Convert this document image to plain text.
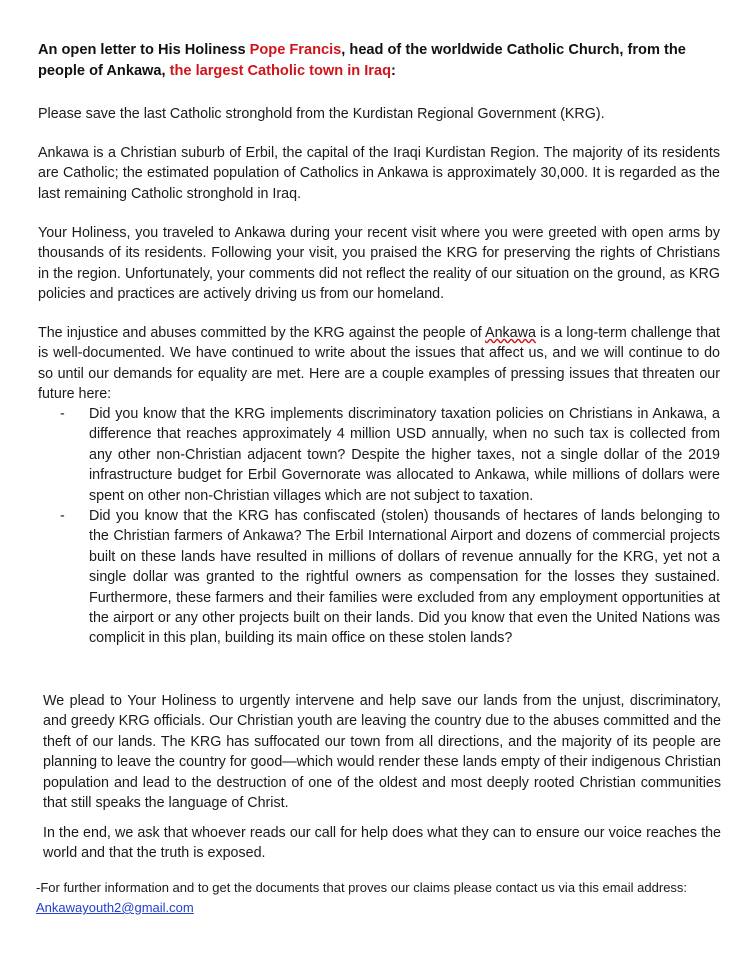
An open letter to His Holiness Pope Francis, head of the worldwide Catholic Church, from the people of Ankawa, the largest Catholic town in Iraq:

Please save the last Catholic stronghold from the Kurdistan Regional Government (KRG).

Ankawa is a Christian suburb of Erbil, the capital of the Iraqi Kurdistan Region. The majority of its residents are Catholic; the estimated population of Catholics in Ankawa is approximately 30,000. It is regarded as the last remaining Catholic stronghold in Iraq.

Your Holiness, you traveled to Ankawa during your recent visit where you were greeted with open arms by thousands of its residents. Following your visit, you praised the KRG for preserving the rights of Christians in the region. Unfortunately, your comments did not reflect the reality of our situation on the ground, as KRG policies and practices are actively driving us from our homeland.

The injustice and abuses committed by the KRG against the people of Ankawa is a long-term challenge that is well-documented. We have continued to write about the issues that affect us, and we will continue to do so until our demands for equality are met. Here are a couple examples of pressing issues that threaten our future here:

- Did you know that the KRG implements discriminatory taxation policies on Christians in Ankawa, a difference that reaches approximately 4 million USD annually, when no such tax is collected from any other non-Christian adjacent town? Despite the higher taxes, not a single dollar of the 2019 infrastructure budget for Erbil Governorate was allocated to Ankawa, while millions of dollars were spent on other non-Christian villages which are not subject to taxation.
- Did you know that the KRG has confiscated (stolen) thousands of hectares of lands belonging to the Christian farmers of Ankawa? The Erbil International Airport and dozens of commercial projects built on these lands have resulted in millions of dollars of revenue annually for the KRG, yet not a single dollar was granted to the rightful owners as compensation for the losses they sustained. Furthermore, these farmers and their families were excluded from any employment opportunities at the airport or any other projects built on their lands. Did you know that even the United Nations was complicit in this plan, building its main office on these stolen lands?

We plead to Your Holiness to urgently intervene and help save our lands from the unjust, discriminatory, and greedy KRG officials. Our Christian youth are leaving the country due to the abuses committed and the theft of our lands. The KRG has suffocated our town from all directions, and the majority of its people are planning to leave the country for good—which would render these lands empty of their indigenous Christian population and lead to the destruction of one of the oldest and most deeply rooted Christian communities that still speaks the language of Christ.

In the end, we ask that whoever reads our call for help does what they can to ensure our voice reaches the world and that the truth is exposed.

-For further information and to get the documents that proves our claims please contact us via this email address:
Ankawayouth2@gmail.com
